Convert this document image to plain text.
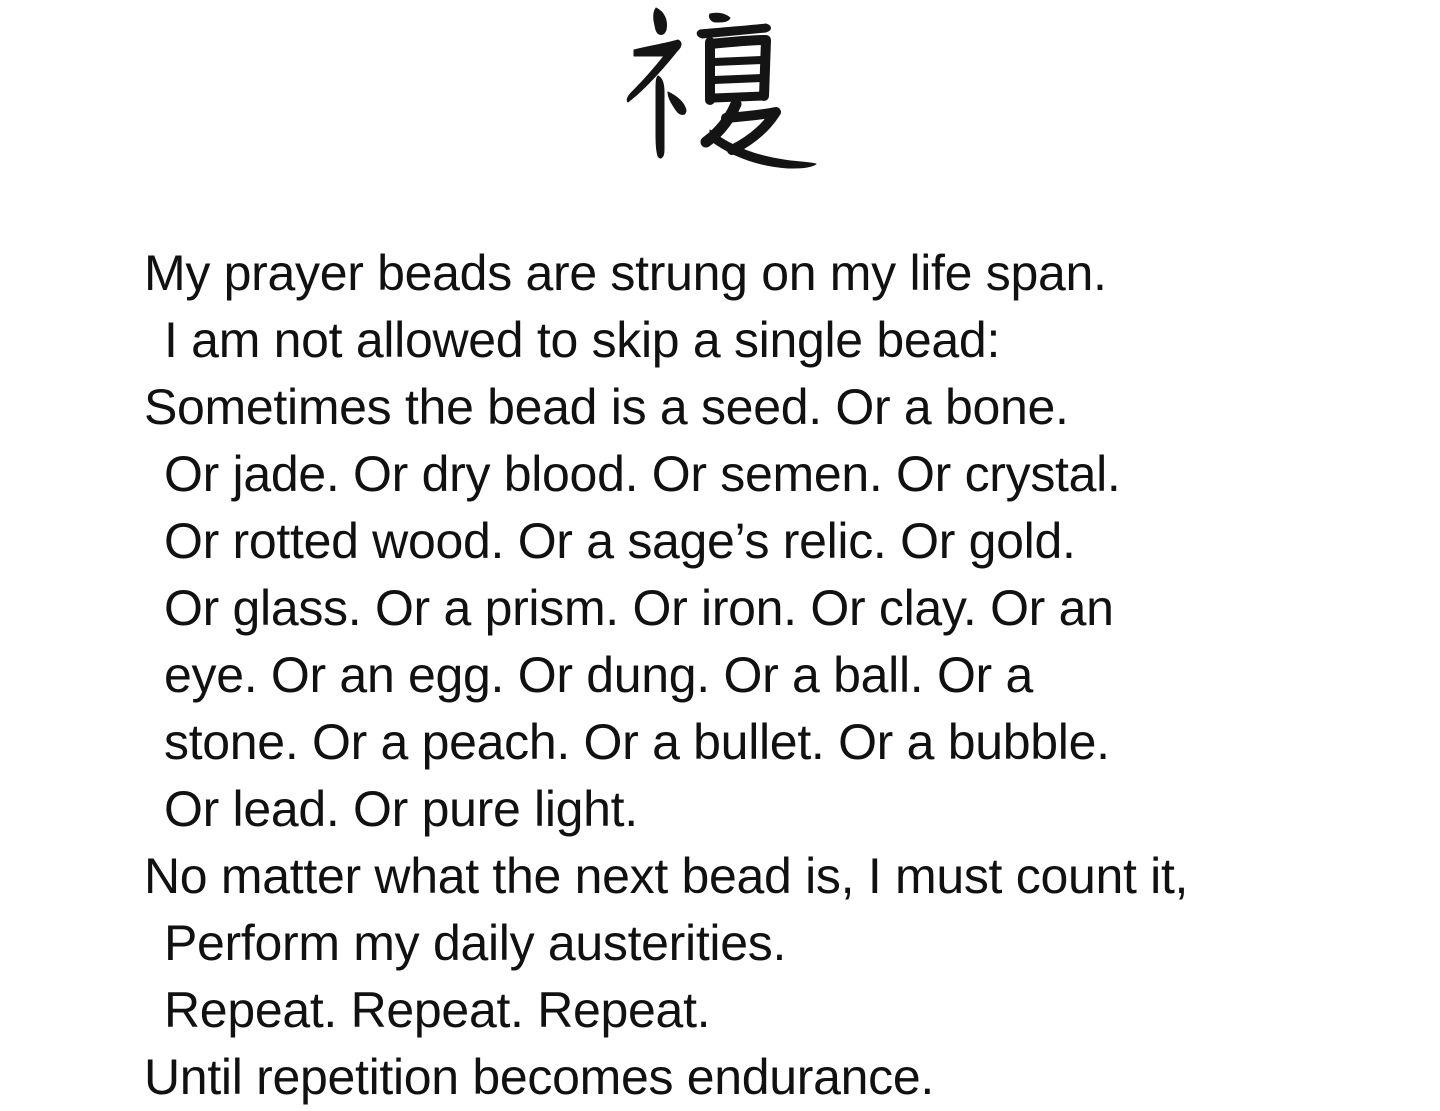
My prayer beads are strung on my life span.
I am not allowed to skip a single bead:
Sometimes the bead is a seed. Or a bone.
Or jade. Or dry blood. Or semen. Or crystal.
Or rotted wood. Or a sage’s relic. Or gold.
Or glass. Or a prism. Or iron. Or clay. Or an
eye. Or an egg. Or dung. Or a ball. Or a
stone. Or a peach. Or a bullet. Or a bubble.
Or lead. Or pure light.
No matter what the next bead is, I must count it,
Perform my daily austerities.
Repeat. Repeat. Repeat.
Until repetition becomes endurance.
